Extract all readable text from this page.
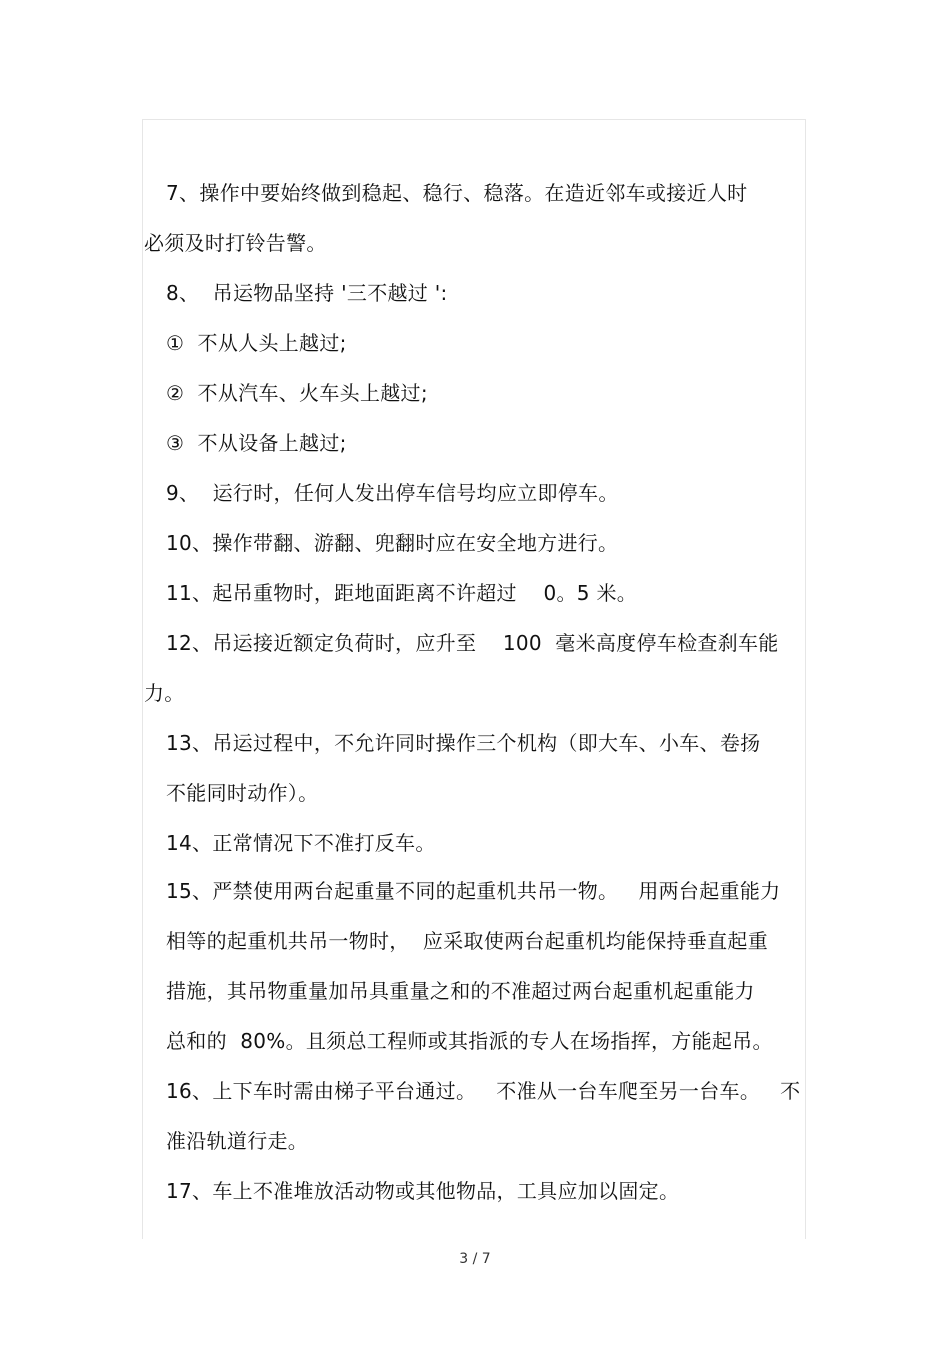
7、操作中要始终做到稳起、稳行、稳落。在造近邻车或接近人时
必须及时打铃告警。
8、  吊运物品坚持 '三不越过 ':
①  不从人头上越过;
②  不从汽车、火车头上越过;
③  不从设备上越过;
9、  运行时，任何人发出停车信号均应立即停车。
10、操作带翻、游翻、兜翻时应在安全地方进行。
11、起吊重物时，距地面距离不许超过    0。5 米。
12、吊运接近额定负荷时，应升至    100  毫米高度停车检查刹车能
力。
13、吊运过程中，不允许同时操作三个机构（即大车、小车、卷扬
不能同时动作）。
14、正常情况下不准打反车。
15、严禁使用两台起重量不同的起重机共吊一物。   用两台起重能力
相等的起重机共吊一物时，  应采取使两台起重机均能保持垂直起重
措施，其吊物重量加吊具重量之和的不准超过两台起重机起重能力
总和的  80%。且须总工程师或其指派的专人在场指挥，方能起吊。
16、上下车时需由梯子平台通过。   不准从一台车爬至另一台车。   不
准沿轨道行走。
17、车上不准堆放活动物或其他物品，工具应加以固定。
3 / 7
